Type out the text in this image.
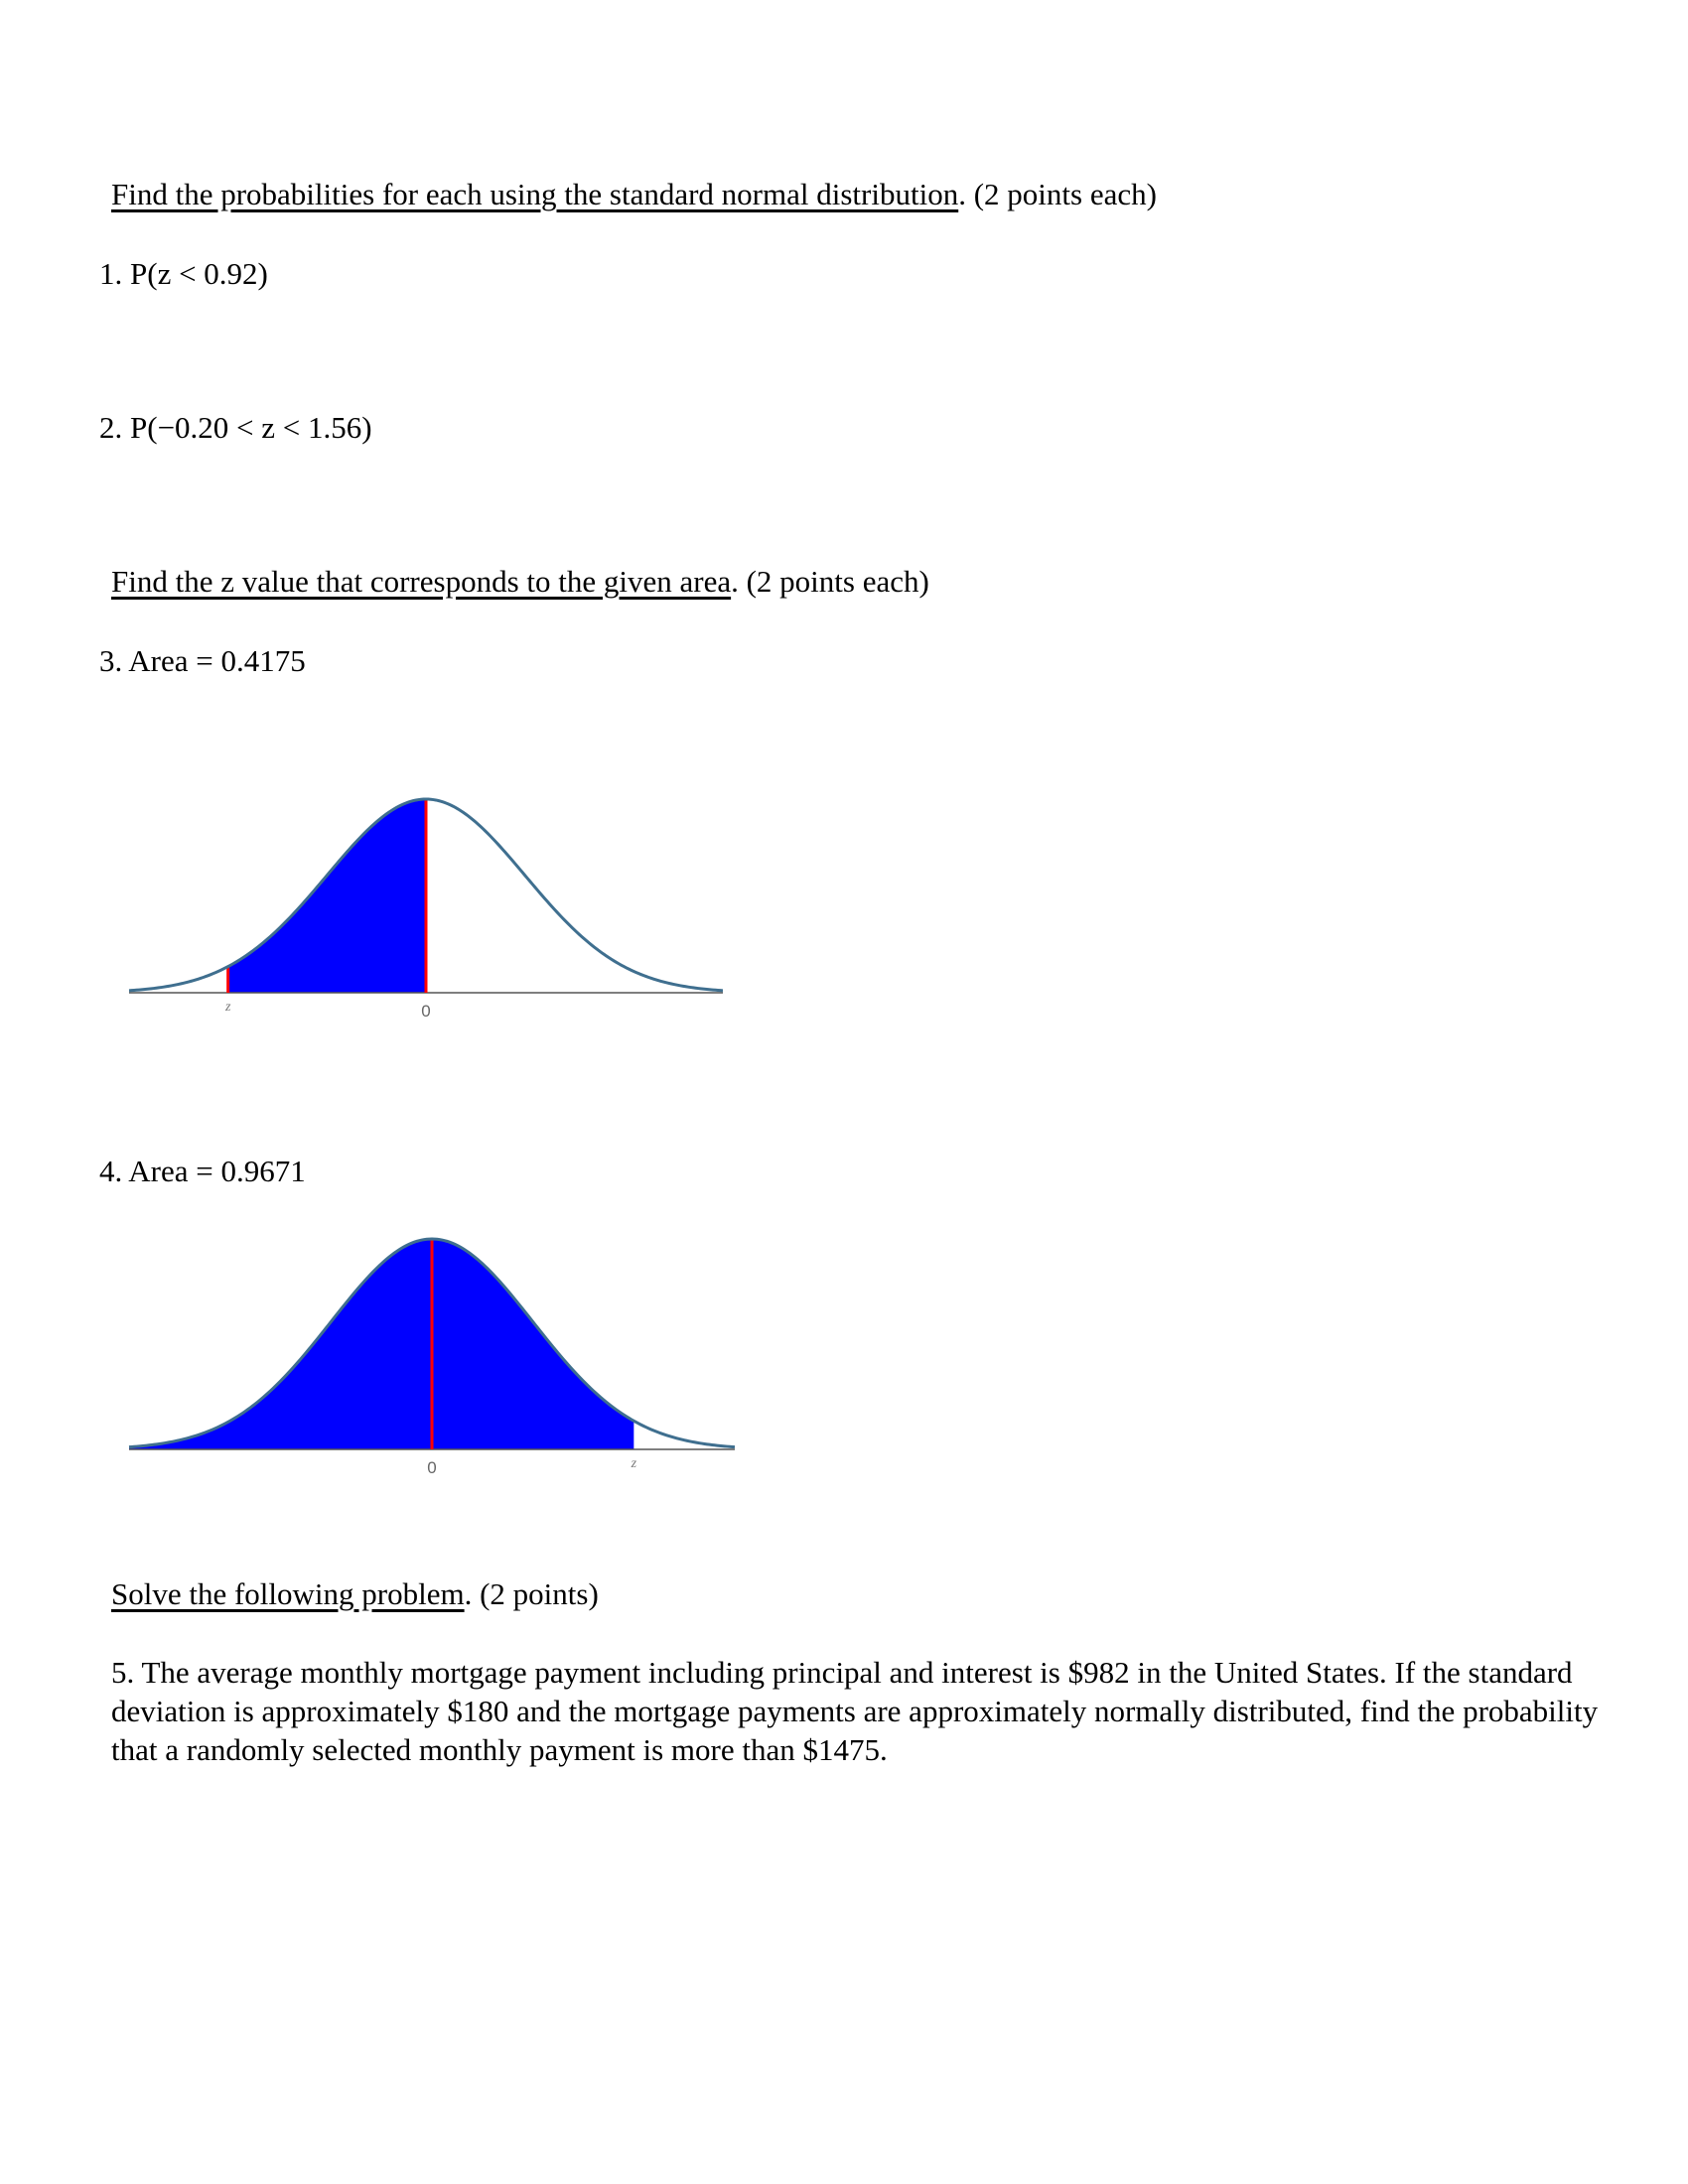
Find the probabilities for each using the standard normal distribution. (2 points each)
1. P(z < 0.92)
2. P(−0.20 < z < 1.56)
Find the z value that corresponds to the given area. (2 points each)
3. Area = 0.4175
z	0
4. Area = 0.9671
z
0
Solve the following problem. (2 points)
5. The average monthly mortgage payment including principal and interest is $982 in the United States. If the standard deviation is approximately $180 and the mortgage payments are approximately normally distributed, find the probability that a randomly selected monthly payment is more than $1475.
